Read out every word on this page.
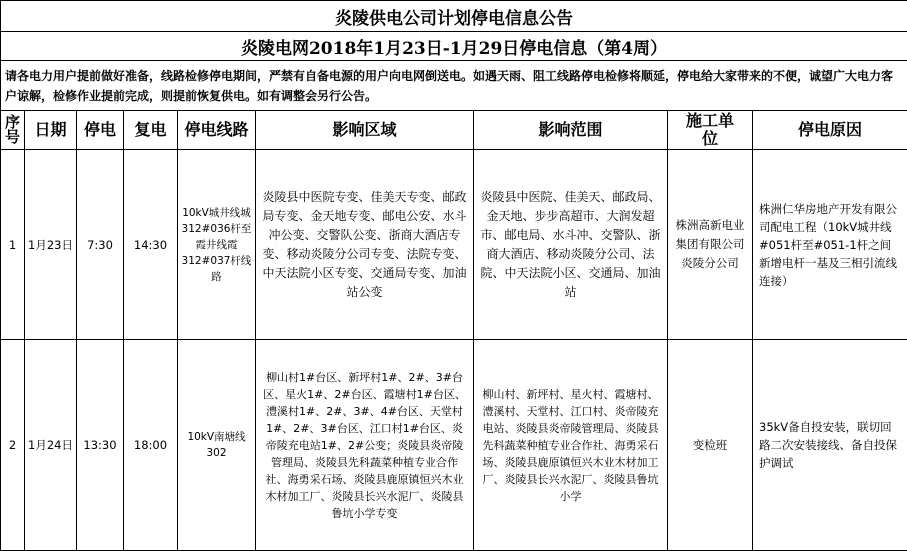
炎陵供电公司计划停电信息公告								
炎陵电网2018年1月23日-1月29日停电信息（第4周）								
请各电力用户提前做好准备，线路检修停电期间，严禁有自备电源的用户向电网倒送电。如遇天雨、阻工线路停电检修将顺延，停电给大家带来的不便，诚望广大电力客户谅解，检修作业提前完成，则提前恢复供电。如有调整会另行公告。								
序号	日期	停电	复电	停电线路	影响区域	影响范围	施工单位	停电原因
1	1月23日	7:30	14:30	10kV城井线城312#036杆至霞井线霞312#037杆线路	炎陵县中医院专变、佳美天专变、邮政局专变、金天地专变、邮电公安、水斗冲公变、交警队公变、浙商大酒店专变、移动炎陵分公司专变、法院专变、中天法院小区专变、交通局专变、加油站公变	炎陵县中医院、佳美天、邮政局、金天地、步步高超市、大润发超市、邮电局、水斗冲、交警队、浙商大酒店、移动炎陵分公司、法院、中天法院小区、交通局、加油站	株洲高新电业集团有限公司炎陵分公司	株洲仁华房地产开发有限公司配电工程（10kV城井线#051杆至#051-1杆之间新增电杆一基及三相引流线连接）
2	1月24日	13:30	18:00	10kV南塘线302	柳山村1#台区、新坪村1#、2#、3#台区、星火1#、2#台区、霞塘村1#台区、澧溪村1#、2#、3#、4#台区、天堂村1#、2#、3#台区、江口村1#台区、炎帝陵充电站1#、2#公变；炎陵县炎帝陵管理局、炎陵县先科蔬菜种植专业合作社、海勇采石场、炎陵县鹿原镇恒兴木业木材加工厂、炎陵县长兴水泥厂、炎陵县鲁坑小学专变	柳山村、新坪村、星火村、霞塘村、澧溪村、天堂村、江口村、炎帝陵充电站、炎陵县炎帝陵管理局、炎陵县先科蔬菜种植专业合作社、海勇采石场、炎陵县鹿原镇恒兴木业木材加工厂、炎陵县长兴水泥厂、炎陵县鲁坑小学	变检班	35kV备自投安装，联切回路二次安装接线、备自投保护调试
